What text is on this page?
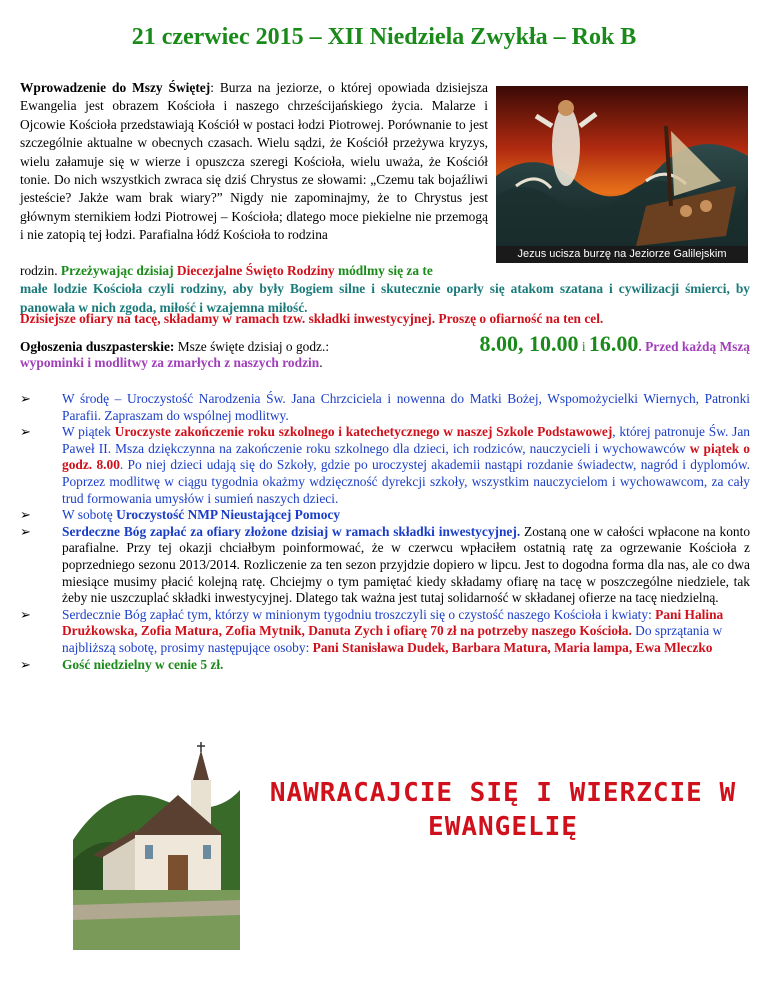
21 czerwiec 2015 – XII Niedziela Zwykła – Rok B
Wprowadzenie do Mszy Świętej: Burza na jeziorze, o której opowiada dzisiejsza Ewangelia jest obrazem Kościoła i naszego chrześcijańskiego życia. Malarze i Ojcowie Kościoła przedstawiają Kościół w postaci łodzi Piotrowej. Porównanie to jest szczególnie aktualne w obecnych czasach. Wielu sądzi, że Kościół przeżywa kryzys, wielu załamuje się w wierze i opuszcza szeregi Kościoła, wielu uważa, że Kościół tonie. Do nich wszystkich zwraca się dziś Chrystus ze słowami: „Czemu tak bojaźliwi jesteście? Jakże wam brak wiary?” Nigdy nie zapominajmy, że to Chrystus jest głównym sternikiem łodzi Piotrowej – Kościoła; dlatego moce piekielne nie przemogą i nie zatopią tej łodzi. Parafialna łódź Kościoła to rodzina
Jezus ucisza burzę na Jeziorze Galilejskim
rodzin. Przeżywając dzisiaj Diecezjalne Święto Rodziny módlmy się za te
małe lodzie Kościoła czyli rodziny, aby były Bogiem silne i skutecznie oparły się atakom szatana i cywilizacji śmierci, by panowała w nich zgoda, miłość i wzajemna miłość.
Dzisiejsze ofiary na tacę, składamy w ramach tzw. składki inwestycyjnej. Proszę o ofiarność na ten cel.
Ogłoszenia duszpasterskie: Msze święte dzisiaj o godz.:	8.00, 10.00 i 16.00. Przed każdą Mszą
wypominki i modlitwy za zmarłych z naszych rodzin.
➢ W środę – Uroczystość Narodzenia Św. Jana Chrzciciela i nowenna do Matki Bożej, Wspomożycielki Wiernych, Patronki Parafii. Zapraszam do wspólnej modlitwy.
➢ W piątek Uroczyste zakończenie roku szkolnego i katechetycznego w naszej Szkole Podstawowej, której patronuje Św. Jan Paweł II. Msza dziękczynna na zakończenie roku szkolnego dla dzieci, ich rodziców, nauczycieli i wychowawców w piątek o godz. 8.00. Po niej dzieci udają się do Szkoły, gdzie po uroczystej akademii nastąpi rozdanie świadectw, nagród i dyplomów. Poprzez modlitwę w ciągu tygodnia okażmy wdzięczność dyrekcji szkoły, wszystkim nauczycielom i wychowawcom, za cały trud formowania umysłów i sumień naszych dzieci.
➢ W sobotę Uroczystość NMP Nieustającej Pomocy
➢ Serdeczne Bóg zapłać za ofiary złożone dzisiaj w ramach składki inwestycyjnej. Zostaną one w całości wpłacone na konto parafialne. Przy tej okazji chciałbym poinformować, że w czerwcu wpłaciłem ostatnią ratę za ogrzewanie Kościoła z poprzedniego sezonu 2013/2014. Rozliczenie za ten sezon przyjdzie dopiero w lipcu. Jest to dogodna forma dla nas, ale co dwa miesiące musimy płacić kolejną ratę. Chciejmy o tym pamiętać kiedy składamy ofiarę na tacę w poszczególne niedziele, tak żeby nie uszczuplać składki inwestycyjnej. Dlatego tak ważna jest tutaj solidarność w składanej ofierze na tacę niedzielną.
➢ Serdecznie Bóg zapłać tym, którzy w minionym tygodniu troszczyli się o czystość naszego Kościoła i kwiaty: Pani Halina Drużkowska, Zofia Matura, Zofia Mytnik, Danuta Zych i ofiarę 70 zł na potrzeby naszego Kościoła. Do sprzątania w najbliższą sobotę, prosimy następujące osoby: Pani Stanisława Dudek, Barbara Matura, Maria lampa, Ewa Mleczko
➢ Gość niedzielny w cenie 5 zł.
NAWRACAJCIE SIĘ I WIERZCIE W EWANGELIĘ
